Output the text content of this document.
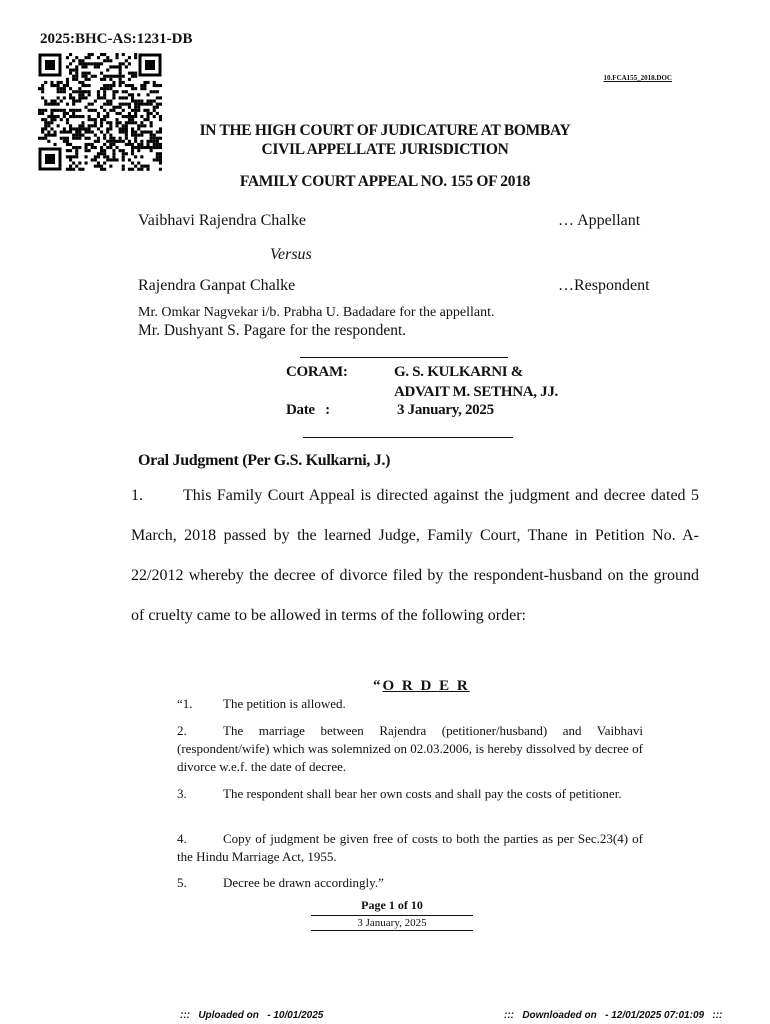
2025:BHC-AS:1231-DB
10.FCA155_2018.DOC
IN THE HIGH COURT OF JUDICATURE AT BOMBAY
CIVIL APPELLATE JURISDICTION
FAMILY COURT APPEAL NO. 155 OF 2018
Vaibhavi Rajendra Chalke	… Appellant
Versus
Rajendra Ganpat Chalke	…Respondent
Mr. Omkar Nagvekar i/b. Prabha U. Badadare for the appellant.
Mr. Dushyant S. Pagare for the respondent.
CORAM:	G. S. KULKARNI &
ADVAIT M. SETHNA, JJ.
Date   :	3 January, 2025
Oral Judgment (Per G.S. Kulkarni, J.)
1.	This Family Court Appeal is directed against the judgment and decree dated 5 March, 2018 passed by the learned Judge, Family Court, Thane in Petition No. A-22/2012 whereby the decree of divorce filed by the respondent-husband on the ground of cruelty came to be allowed in terms of the following order:
“O R D E R
“1. The petition is allowed.
2.	The marriage between Rajendra (petitioner/husband) and Vaibhavi (respondent/wife) which was solemnized on 02.03.2006, is hereby dissolved by decree of divorce w.e.f. the date of decree.
3.	The respondent shall bear her own costs and shall pay the costs of petitioner.
4.	Copy of judgment be given free of costs to both the parties as per Sec.23(4) of the Hindu Marriage Act, 1955.
5.	Decree be drawn accordingly.”
Page 1 of 10
3 January, 2025
:::   Uploaded on   - 10/01/2025	:::   Downloaded on   - 12/01/2025 07:01:09   :::
